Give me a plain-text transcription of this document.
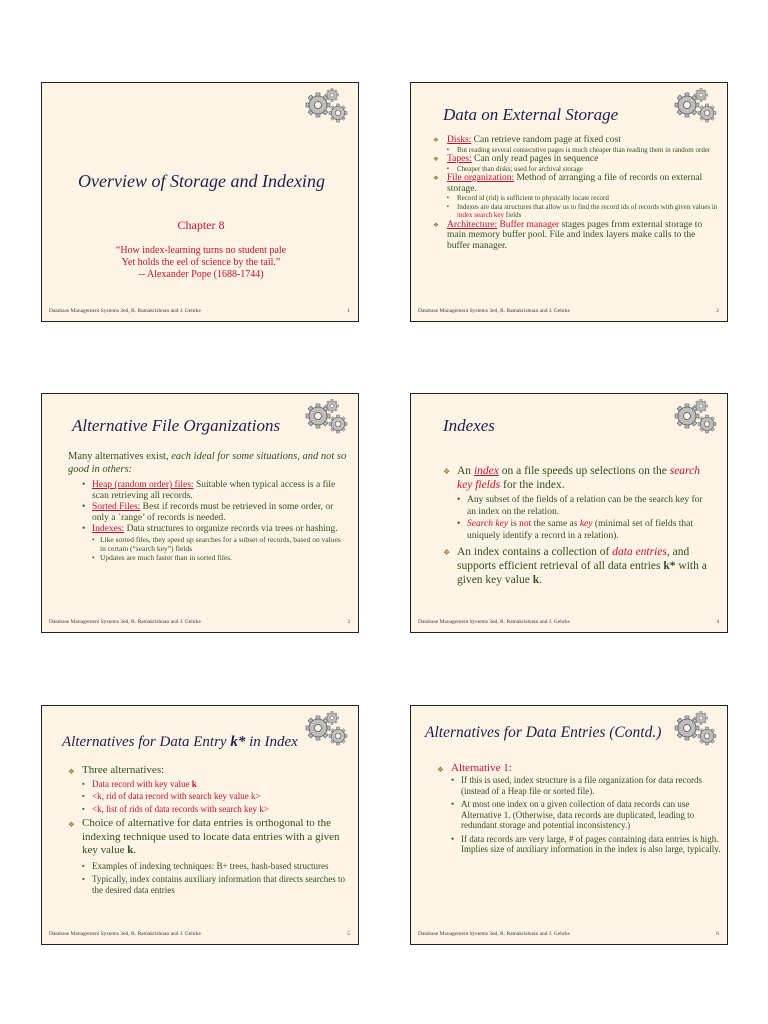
Overview of Storage and Indexing
Chapter 8
“How index-learning turns no student pale
Yet holds the eel of science by the tail.”
-- Alexander Pope (1688-1744)
Database Management Systems 3ed, R. Ramakrishnan and J. Gehrke	1
Data on External Storage

❖ Disks: Can retrieve random page at fixed cost

▪ But reading several consecutive pages is much cheaper than reading them in random order

❖ Tapes: Can only read pages in sequence

▪ Cheaper than disks; used for archival storage

❖ File organization: Method of arranging a file of records on external storage.

▪ Record id (rid) is sufficient to physically locate record

▪ Indexes are data structures that allow us to find the record ids of records with given values in index search key fields

❖ Architecture: Buffer manager stages pages from external storage to main memory buffer pool. File and index layers make calls to the buffer manager.

Database Management Systems 3ed, R. Ramakrishnan and J. Gehrke	2
Alternative File Organizations

Many alternatives exist, each ideal for some situations, and not so good in others:

• Heap (random order) files: Suitable when typical access is a file scan retrieving all records.

• Sorted Files: Best if records must be retrieved in some order, or only a `range’ of records is needed.

• Indexes: Data structures to organize records via trees or hashing.

• Like sorted files, they speed up searches for a subset of records, based on values in certain (“search key”) fields

• Updates are much faster than in sorted files.

Database Management Systems 3ed, R. Ramakrishnan and J. Gehrke	3
Indexes

❖ An index on a file speeds up selections on the search key fields for the index.

• Any subset of the fields of a relation can be the search key for an index on the relation.

• Search key is not the same as key (minimal set of fields that uniquely identify a record in a relation).

❖ An index contains a collection of data entries, and supports efficient retrieval of all data entries k* with a given key value k.

Database Management Systems 3ed, R. Ramakrishnan and J. Gehrke	4
Alternatives for Data Entry k* in Index

❖ Three alternatives:

▪ Data record with key value k

▪ <k, rid of data record with search key value k>

▪ <k, list of rids of data records with search key k>

❖ Choice of alternative for data entries is orthogonal to the indexing technique used to locate data entries with a given key value k.

▪ Examples of indexing techniques: B+ trees, hash-based structures

▪ Typically, index contains auxiliary information that directs searches to the desired data entries

Database Management Systems 3ed, R. Ramakrishnan and J. Gehrke	5
Alternatives for Data Entries (Contd.)

❖ Alternative 1:

• If this is used, index structure is a file organization for data records (instead of a Heap file or sorted file).

• At most one index on a given collection of data records can use Alternative 1. (Otherwise, data records are duplicated, leading to redundant storage and potential inconsistency.)

• If data records are very large, # of pages containing data entries is high. Implies size of auxiliary information in the index is also large, typically.

Database Management Systems 3ed, R. Ramakrishnan and J. Gehrke	6
